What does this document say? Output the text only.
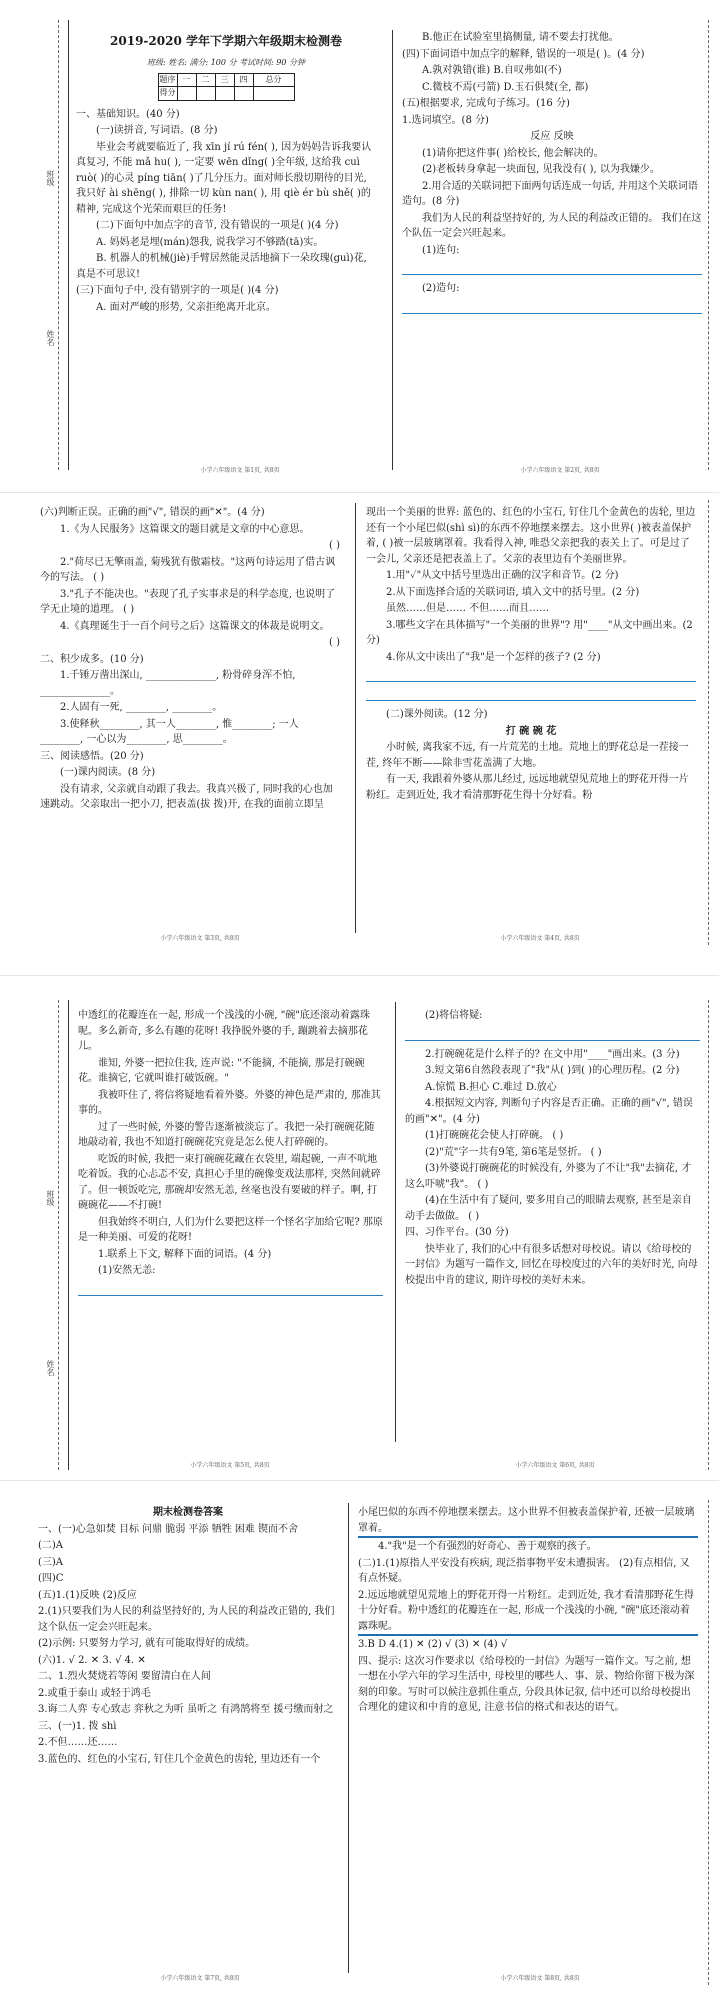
班级
姓名
2019-2020 学年下学期六年级期末检测卷
班级: 姓名: 满分: 100 分 考试时间: 90 分钟
题序	一	二	三	四	总分
得分					

一、基础知识。(40 分)

(一)读拼音, 写词语。(8 分)

毕业会考就要临近了, 我 xīn jí rú fén( ), 因为妈妈告诉我要认真复习, 不能 mǎ hu( ), 一定要 wēn dǐng( )全年级, 这给我 cuì ruò( )的心灵 píng tiān( )了几分压力。面对师长殷切期待的目光, 我只好 ài shēng( ), 排除一切 kùn nan( ), 用 qiè ér bù shě( )的精神, 完成这个光荣而艰巨的任务!

(二)下面句中加点字的音节, 没有错误的一项是( )(4 分)

A. 妈妈老是埋(mán)怨我, 说我学习不够踏(tā)实。

B. 机器人的机械(jiè)手臂居然能灵活地摘下一朵玫瑰(guì)花, 真是不可思议!

(三)下面句子中, 没有错别字的一项是( )(4 分)

A. 面对严峻的形势, 父亲拒绝离开北京。

B.他正在试验室里搞侧量, 请不要去打扰他。

(四)下面词语中加点字的解释, 错误的一项是( )。(4 分)

A.孰对孰错(谁) B.自叹弗如(不)

C.微枝不焉(弓箭) D.玉石俱焚(全, 都)

(五)根据要求, 完成句子练习。(16 分)

1.选词填空。(8 分)

反应 反映

(1)请你把这件事( )给校长, 他会解决的。

(2)老板转身拿起一块面包, 见我没有( ), 以为我嫌少。

2.用合适的关联词把下面两句话连成一句话, 并用这个关联词语造句。(8 分)

我们为人民的利益坚持好的, 为人民的利益改正错的。 我们在这个队伍一定会兴旺起来。

(1)连句:

(2)造句:

小学六年级语文 第1页, 共8页	小学六年级语文 第2页, 共8页

(六)判断正误。正确的画"√", 错误的画"✕"。(4 分)

1.《为人民服务》这篇课文的题目就是文章的中心意思。

( )

2."荷尽已无擎雨盖, 菊残犹有傲霜枝。"这两句诗运用了借古讽今的写法。 ( )

3."孔子不能决也。"表现了孔子实事求是的科学态度, 也说明了学无止境的道理。 ( )

4.《真理诞生于一百个问号之后》这篇课文的体裁是说明文。

( )

二、积少成多。(10 分)

1.千锤万凿出深山, ______________, 粉骨碎身浑不怕, ______________。

2.人固有一死, ________, ________。

3.使释秋________, 其一人________, 惟________; 一人________, 一心以为________, 思________。

三、阅读感悟。(20 分)

(一)课内阅读。(8 分)

没有请求, 父亲就自动跟了我去。我真兴极了, 同时我的心也加速跳动。父亲取出一把小刀, 把表盖(拔 拨)开, 在我的面前立即呈

现出一个美丽的世界: 蓝色的、红色的小宝石, 钉住几个金黄色的齿轮, 里边还有一个小尾巴似(shì sì)的东西不停地摆来摆去。这小世界( )被表盖保护着, ( )被一层玻璃罩着。我看得入神, 唯恐父亲把我的表关上了。可是过了一会儿, 父亲还是把表盖上了。父亲的表里边有个美丽世界。

1.用"✓"从文中括号里选出正确的汉字和音节。(2 分)

2.从下面选择合适的关联词语, 填入文中的括号里。(2 分)

虽然……但是…… 不但……而且……

3.哪些文字在具体描写"一个美丽的世界"? 用"____"从文中画出来。(2 分)

4.你从文中读出了"我"是一个怎样的孩子? (2 分)

(二)课外阅读。(12 分)

打 碗 碗 花

小时候, 离我家不远, 有一片荒芜的土地。荒地上的野花总是一茬接一茬, 终年不断——除非雪花盖满了大地。

有一天, 我跟着外婆从那儿经过, 远远地就望见荒地上的野花开得一片粉红。走到近处, 我才看清那野花生得十分好看。粉

小学六年级语文 第3页, 共8页	小学六年级语文 第4页, 共8页
班级
姓名

中透红的花瓣连在一起, 形成一个浅浅的小碗, "碗"底还滚动着露珠呢。多么新奇, 多么有趣的花呀! 我挣脱外婆的手, 蹦跳着去摘那花儿。

谁知, 外婆一把拉住我, 连声说: "不能摘, 不能摘, 那是打碗碗花。谁摘它, 它就叫谁打破饭碗。"

我被吓住了, 将信将疑地看着外婆。外婆的神色是严肃的, 那准其事的。

过了一些时候, 外婆的警告逐渐被淡忘了。我把一朵打碗碗花随地敲动着, 我也不知道打碗碗花究竟是怎么使人打碎碗的。

吃饭的时候, 我把一束打碗碗花藏在衣袋里, 端起碗, 一声不吭地吃着饭。我的心忐忑不安, 真担心手里的碗像变戏法那样, 突然间就碎了。但一顿饭吃完, 那碗却安然无恙, 丝毫也没有要破的样子。啊, 打碗碗花——不打碗!

但我始终不明白, 人们为什么要把这样一个怪名字加给它呢? 那原是一种美丽、可爱的花呀!

1.联系上下文, 解释下面的词语。(4 分)

(1)安然无恙:

(2)将信将疑:

2.打碗碗花是什么样子的? 在文中用"____"画出来。(3 分)

3.短文第6自然段表现了"我"从( )到( )的心理历程。(2 分)

A.惊慌 B.担心 C.难过 D.放心

4.根据短文内容, 判断句子内容是否正确。正确的画"√", 错误的画"✕"。(4 分)

(1)打碗碗花会使人打碎碗。 ( )

(2)"荒"字一共有9笔, 第6笔是竖折。 ( )

(3)外婆说打碗碗花的时候没有, 外婆为了不让"我"去摘花, 才这么吓唬"我"。 ( )

(4)在生活中有了疑问, 要多用自己的眼睛去观察, 甚至是亲自动手去做做。 ( )

四、习作平台。(30 分)

快毕业了, 我们的心中有很多话想对母校说。请以《给母校的一封信》为题写一篇作文, 回忆在母校度过的六年的美好时光, 向母校提出中肯的建议, 期许母校的美好未来。

小学六年级语文 第5页, 共8页	小学六年级语文 第6页, 共8页

期末检测卷答案

一、(一)心急如焚 目标 问鼎 脆弱 平添 牺牲 困难 锲而不舍

(二)A

(三)A

(四)C

(五)1.(1)反映 (2)反应

2.(1)只要我们为人民的利益坚持好的, 为人民的利益改正错的, 我们这个队伍一定会兴旺起来。

(2)示例: 只要努力学习, 就有可能取得好的成绩。

(六)1. √ 2. ✕ 3. √ 4. ✕

二、1.烈火焚烧若等闲 要留清白在人间

2.或重于泰山 或轻于鸿毛

3.诲二人弈 专心致志 弈秋之为听 虽听之 有鸿鹄将至 援弓缴而射之

三、(一)1. 拨 shì

2.不但……还……

3.蓝色的、红色的小宝石, 钉住几个金黄色的齿轮, 里边还有一个

小尾巴似的东西不停地摆来摆去。这小世界不但被表盖保护着, 还被一层玻璃罩着。

4."我"是一个有强烈的好奇心、善于观察的孩子。

(二)1.(1)原指人平安没有疾病, 现泛指事物平安未遭损害。 (2)有点相信, 又有点怀疑。

2.远远地就望见荒地上的野花开得一片粉红。走到近处, 我才看清那野花生得十分好看。粉中透红的花瓣连在一起, 形成一个浅浅的小碗, "碗"底还滚动着露珠呢。

3.B D 4.(1) ✕ (2) √ (3) ✕ (4) √

四、提示: 这次习作要求以《给母校的一封信》为题写一篇作文。写之前, 想一想在小学六年的学习生活中, 母校里的哪些人、事、景、物给你留下极为深刻的印象。写时可以候注意抓住重点, 分段具体记叙, 信中还可以给母校提出合理化的建议和中肯的意见, 注意书信的格式和表达的语气。

小学六年级语文 第7页, 共8页	小学六年级语文 第8页, 共8页
